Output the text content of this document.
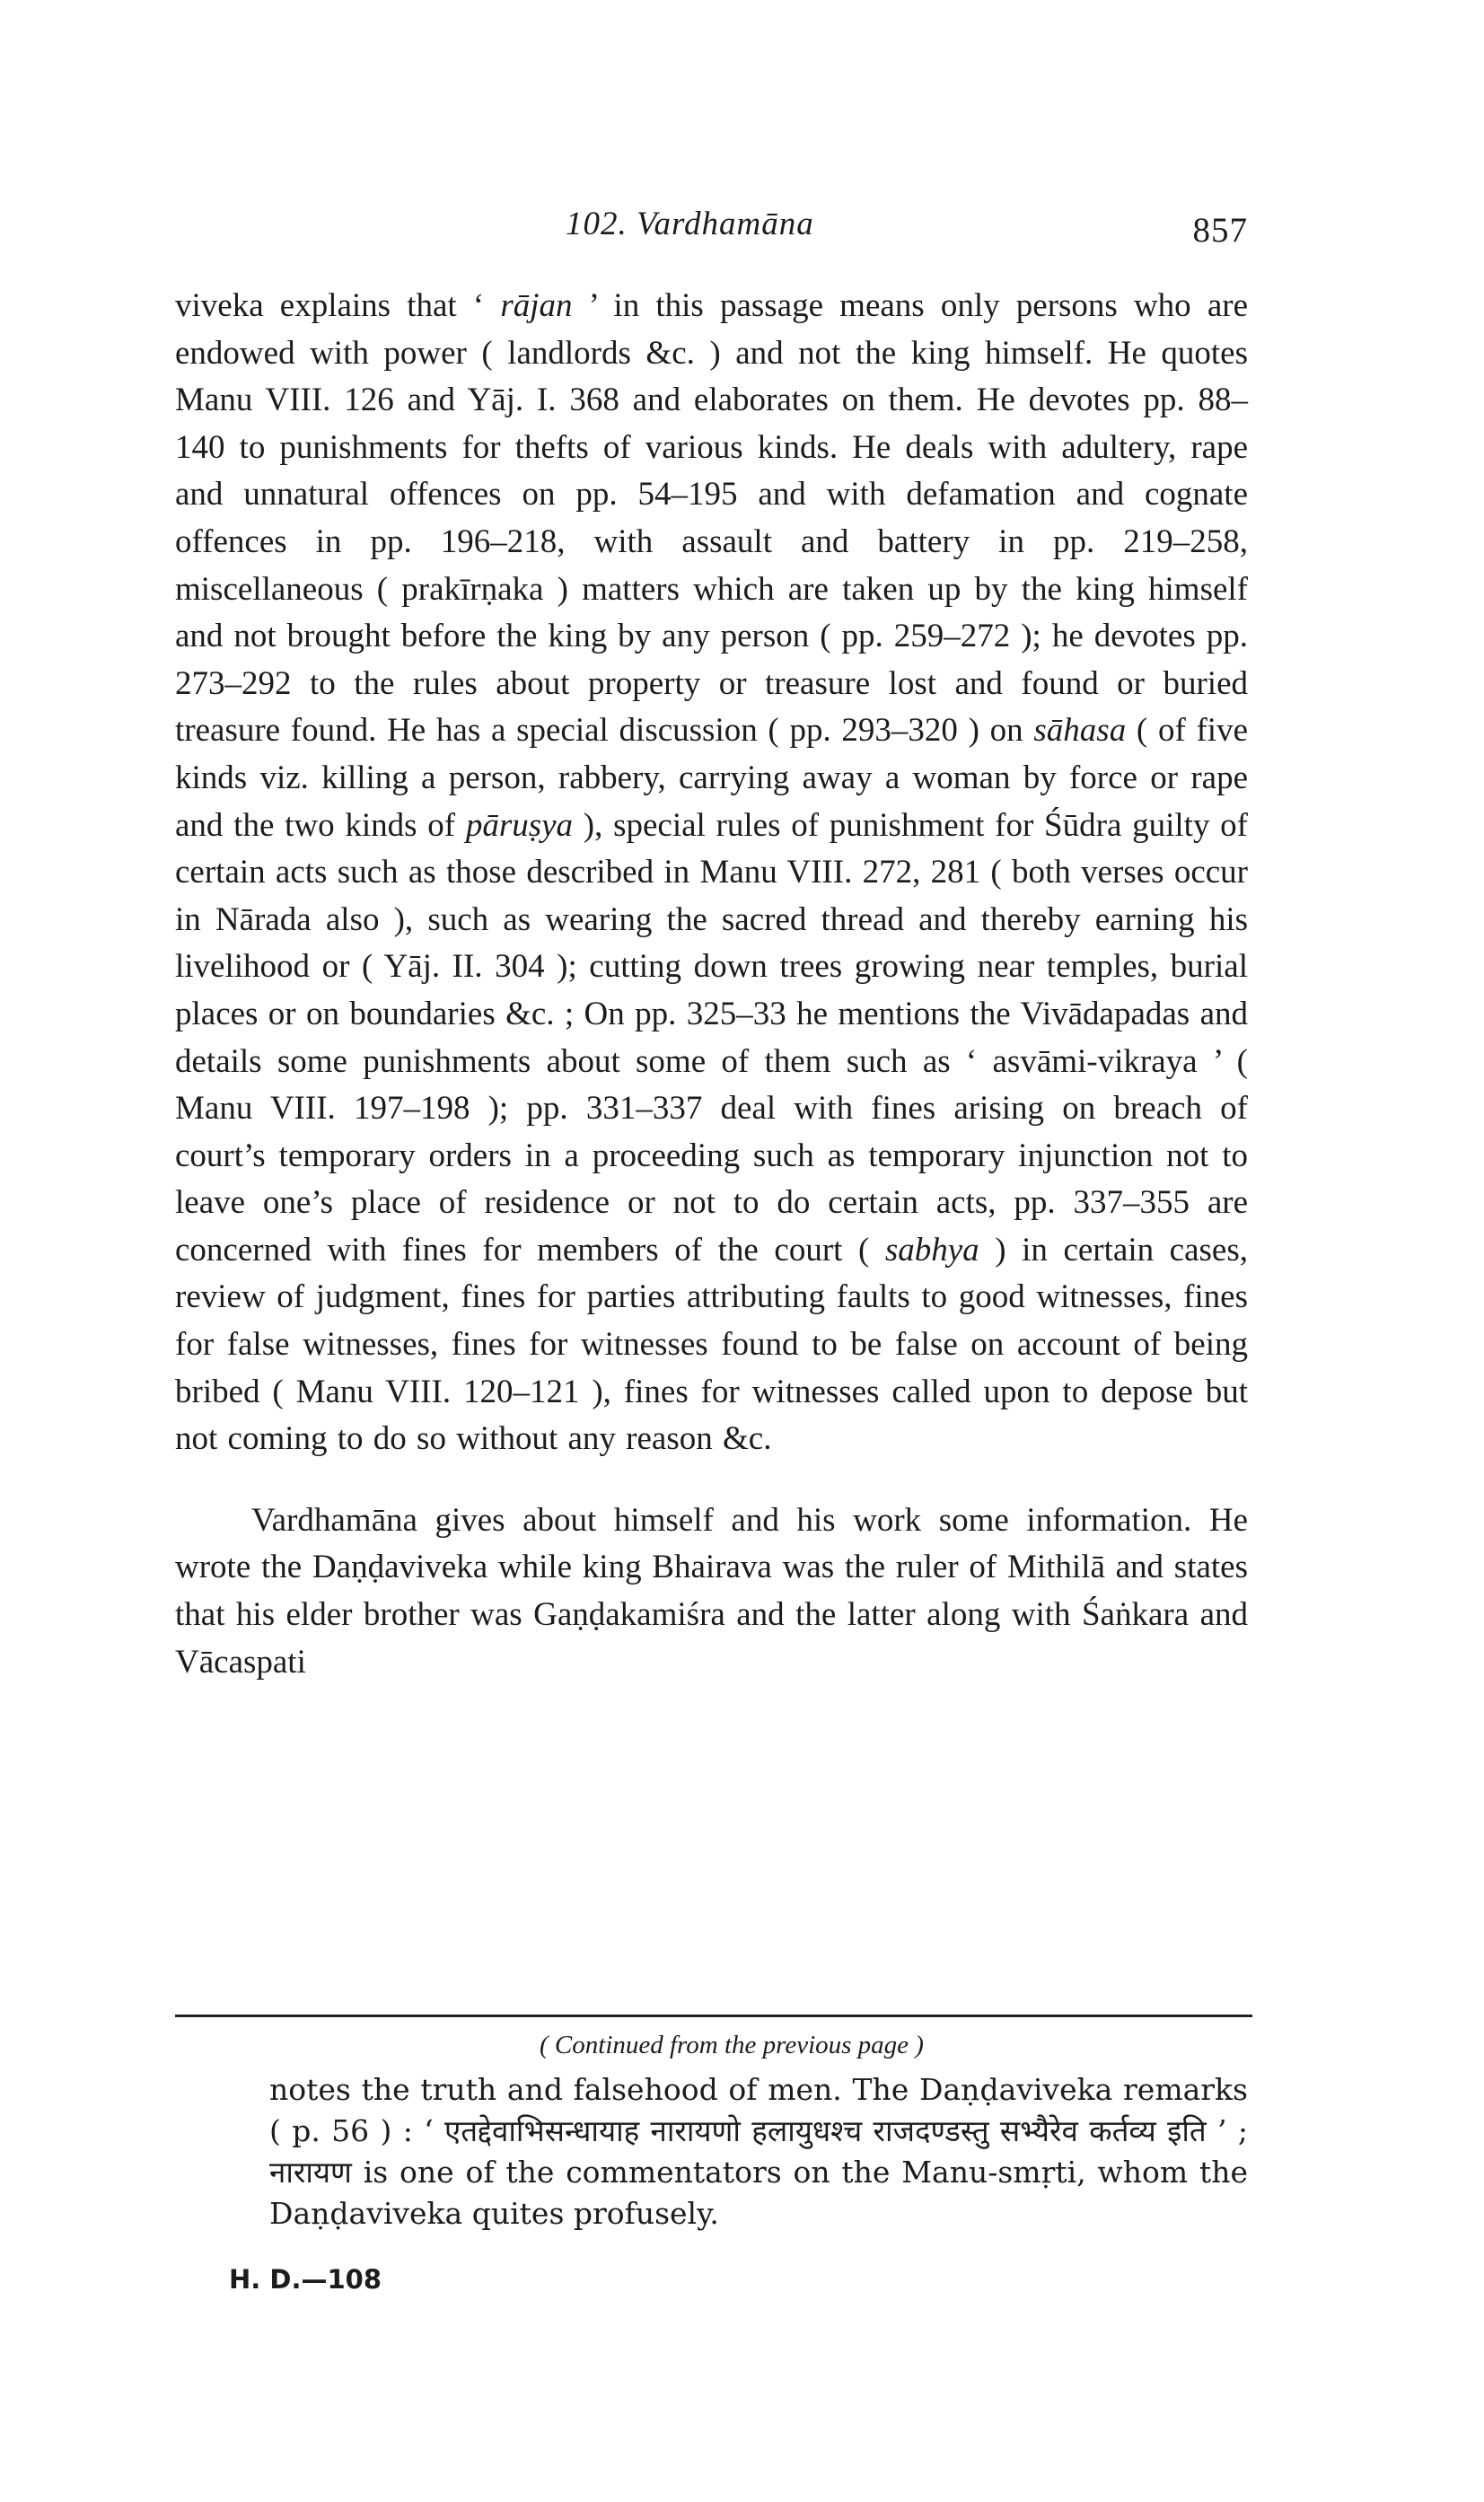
102. Vardhamāna	857

viveka explains that ‘ rājan ’ in this passage means only persons who are endowed with power ( landlords &c. ) and not the king himself. He quotes Manu VIII. 126 and Yāj. I. 368 and elaborates on them. He devotes pp. 88–140 to punishments for thefts of various kinds. He deals with adultery, rape and unnatural offences on pp. 54–195 and with defamation and cognate offences in pp. 196–218, with assault and battery in pp. 219–258, miscellaneous ( prakīrṇaka ) matters which are taken up by the king himself and not brought before the king by any person ( pp. 259–272 ); he devotes pp. 273–292 to the rules about property or treasure lost and found or buried treasure found. He has a special discussion ( pp. 293–320 ) on sāhasa ( of five kinds viz. killing a person, rabbery, carrying away a woman by force or rape and the two kinds of pāruṣya ), special rules of punishment for Śūdra guilty of certain acts such as those described in Manu VIII. 272, 281 ( both verses occur in Nārada also ), such as wearing the sacred thread and thereby earning his livelihood or ( Yāj. II. 304 ); cutting down trees growing near temples, burial places or on boundaries &c. ; On pp. 325–33 he mentions the Vivādapadas and details some punishments about some of them such as ‘ asvāmi-vikraya ’ ( Manu VIII. 197–198 ); pp. 331–337 deal with fines arising on breach of court’s temporary orders in a proceeding such as temporary injunction not to leave one’s place of residence or not to do certain acts, pp. 337–355 are concerned with fines for members of the court ( sabhya ) in certain cases, review of judgment, fines for parties attributing faults to good witnesses, fines for false witnesses, fines for witnesses found to be false on account of being bribed ( Manu VIII. 120–121 ), fines for witnesses called upon to depose but not coming to do so without any reason &c.

Vardhamāna gives about himself and his work some information. He wrote the Daṇḍaviveka while king Bhairava was the ruler of Mithilā and states that his elder brother was Gaṇḍakamiśra and the latter along with Śaṅkara and Vācaspati

( Continued from the previous page )

notes the truth and falsehood of men. The Daṇḍaviveka remarks ( p. 56 ) : ‘ एतद्देवाभिसन्धायाह नारायणो हलायुधश्च राजदण्डस्तु सभ्यैरेव कर्तव्य इति ’ ; नारायण is one of the commentators on the Manu-smṛti, whom the Daṇḍaviveka quites profusely.

H. D.—108
